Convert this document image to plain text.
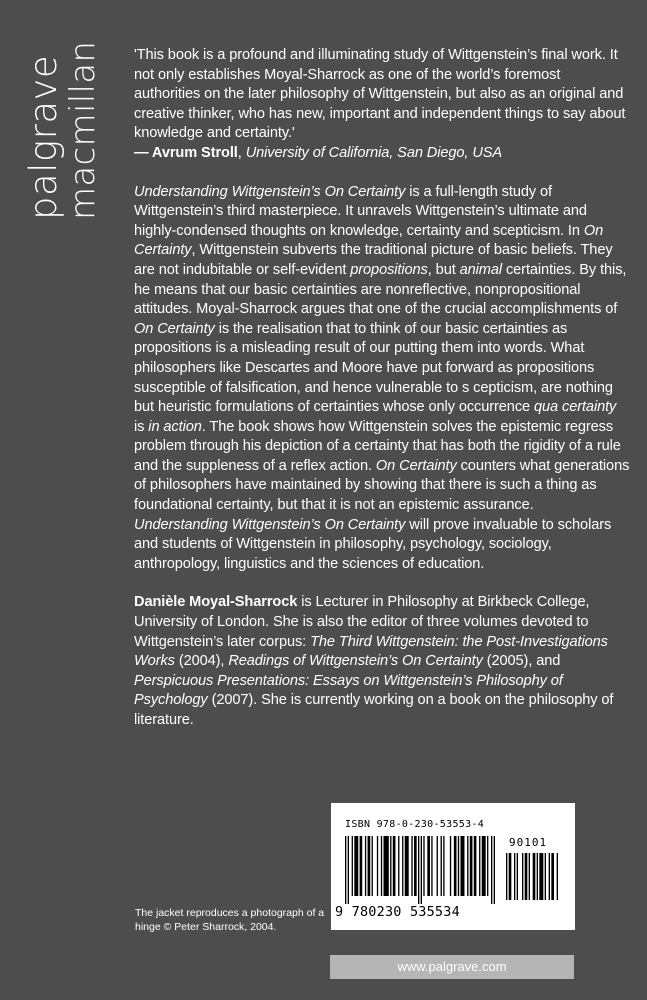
palgrave
macmillan 'This book is a profound and illuminating study of Wittgenstein’s final work. It not only establishes Moyal-Sharrock as one of the world’s foremost authorities on the later philosophy of Wittgenstein, but also as an original and creative thinker, who has new, important and independent things to say about knowledge and certainty.'
— Avrum Stroll, University of California, San Diego, USA

Understanding Wittgenstein’s On Certainty is a full-length study of Wittgenstein’s third masterpiece. It unravels Wittgenstein’s ultimate and highly-condensed thoughts on knowledge, certainty and scepticism. In On Certainty, Wittgenstein subverts the traditional picture of basic beliefs. They are not indubitable or self-evident propositions, but animal certainties. By this, he means that our basic certainties are nonreflective, nonpropositional attitudes. Moyal-Sharrock argues that one of the crucial accomplishments of On Certainty is the realisation that to think of our basic certainties as propositions is a misleading result of our putting them into words. What philosophers like Descartes and Moore have put forward as propositions susceptible of falsification, and hence vulnerable to s cepticism, are nothing but heuristic formulations of certainties whose only occurrence qua certainty is in action. The book shows how Wittgenstein solves the epistemic regress problem through his depiction of a certainty that has both the rigidity of a rule and the suppleness of a reflex action. On Certainty counters what generations of philosophers have maintained by showing that there is such a thing as foundational certainty, but that it is not an epistemic assurance. Understanding Wittgenstein’s On Certainty will prove invaluable to scholars and students of Wittgenstein in philosophy, psychology, sociology, anthropology, linguistics and the sciences of education.

Danièle Moyal-Sharrock is Lecturer in Philosophy at Birkbeck College, University of London. She is also the editor of three volumes devoted to Wittgenstein’s later corpus: The Third Wittgenstein: the Post-Investigations Works (2004), Readings of Wittgenstein’s On Certainty (2005), and Perspicuous Presentations: Essays on Wittgenstein’s Philosophy of Psychology (2007). She is currently working on a book on the philosophy of literature.

The jacket reproduces a photograph of a hinge © Peter Sharrock, 2004.
ISBN 978-0-230-53553-4
90101
9 780230 535534
www.palgrave.com
